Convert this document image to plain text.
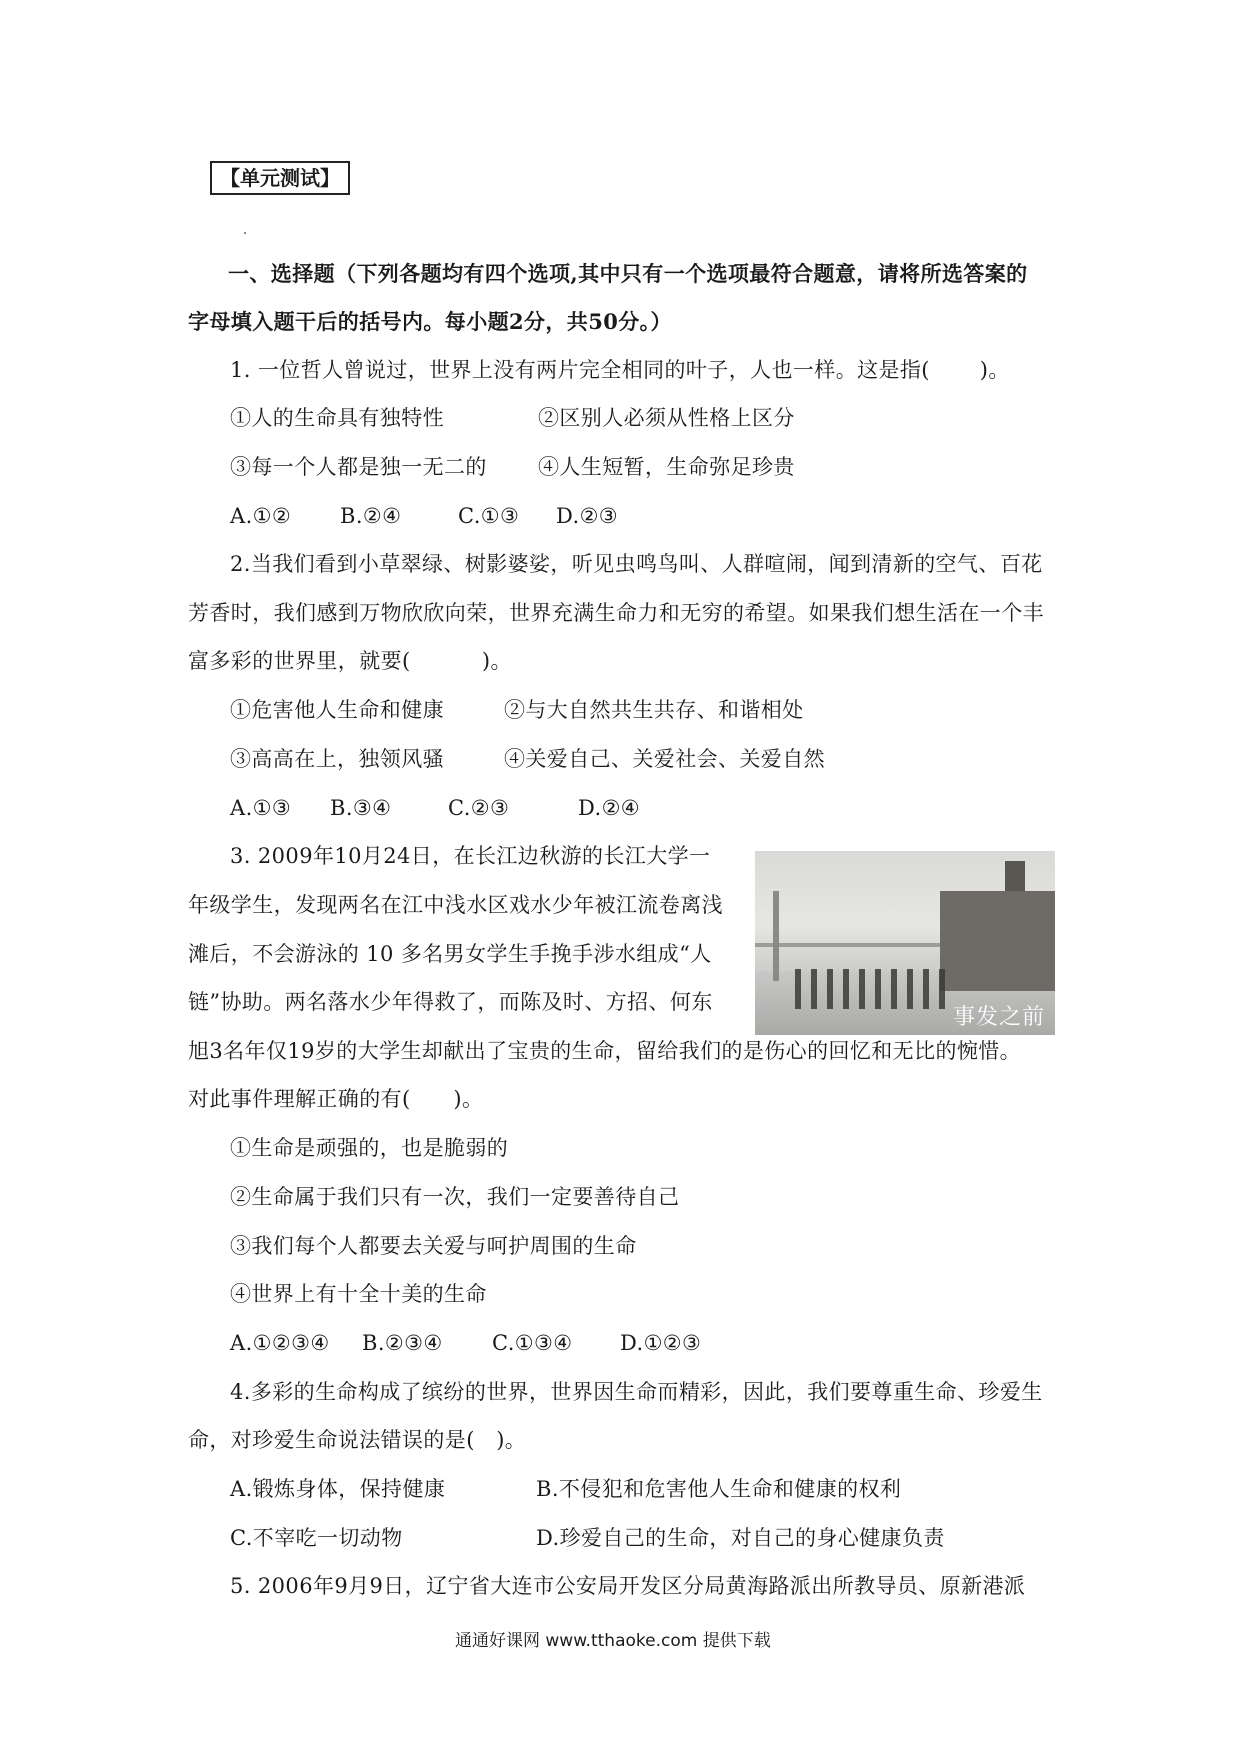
【单元测试】
一、选择题（下列各题均有四个选项,其中只有一个选项最符合题意，请将所选答案的
字母填入题干后的括号内。每小题2分，共50分。）
1. 一位哲人曾说过，世界上没有两片完全相同的叶子，人也一样。这是指(　　 )。
①人的生命具有独特性	②区别人必须从性格上区分
③每一个人都是独一无二的 ④人生短暂，生命弥足珍贵
A.①② B.②④	C.①③ D.②③
2.当我们看到小草翠绿、树影婆娑，听见虫鸣鸟叫、人群喧闹，闻到清新的空气、百花
芳香时，我们感到万物欣欣向荣，世界充满生命力和无穷的希望。如果我们想生活在一个丰
富多彩的世界里，就要(　　　 )。
①危害他人生命和健康	②与大自然共生共存、和谐相处
③高高在上，独领风骚	④关爱自己、关爱社会、关爱自然
A.①③ B.③④	C.②③	D.②④
3. 2009年10月24日，在长江边秋游的长江大学一
年级学生，发现两名在江中浅水区戏水少年被江流卷离浅
滩后，不会游泳的 10 多名男女学生手挽手涉水组成“人
链”协助。两名落水少年得救了，而陈及时、方招、何东
事发之前
旭3名年仅19岁的大学生却献出了宝贵的生命，留给我们的是伤心的回忆和无比的惋惜。
对此事件理解正确的有(　　)。
①生命是顽强的，也是脆弱的
②生命属于我们只有一次，我们一定要善待自己
③我们每个人都要去关爱与呵护周围的生命
④世界上有十全十美的生命
A.①②③④ B.②③④ C.①③④ D.①②③
4.多彩的生命构成了缤纷的世界，世界因生命而精彩，因此，我们要尊重生命、珍爱生
命，对珍爱生命说法错误的是(　)。
A.锻炼身体，保持健康	B.不侵犯和危害他人生命和健康的权利
C.不宰吃一切动物	D.珍爱自己的生命，对自己的身心健康负责
5. 2006年9月9日，辽宁省大连市公安局开发区分局黄海路派出所教导员、原新港派
通通好课网 www.tthaoke.com 提供下载
